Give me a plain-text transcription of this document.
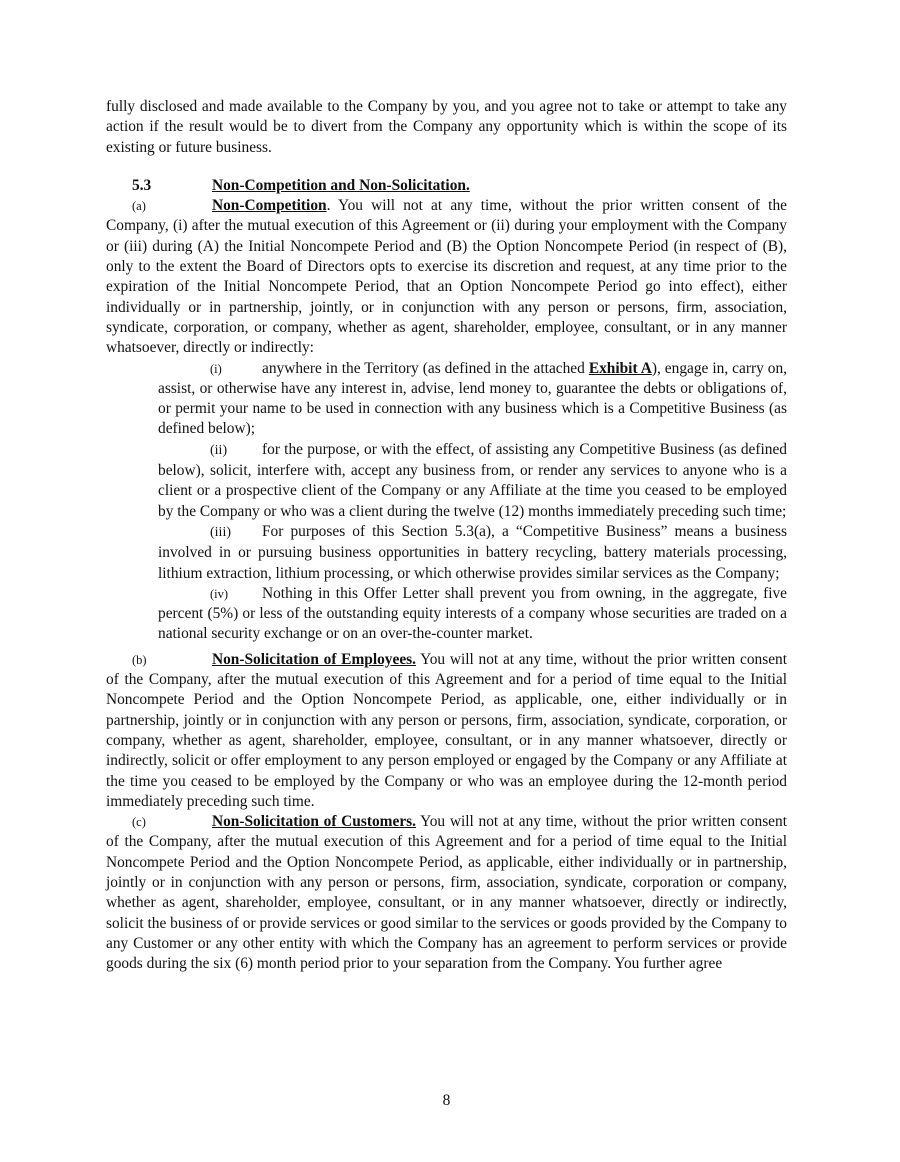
fully disclosed and made available to the Company by you, and you agree not to take or attempt to take any action if the result would be to divert from the Company any opportunity which is within the scope of its existing or future business.

5.3	Non-Competition and Non-Solicitation.

(a)	Non-Competition. You will not at any time, without the prior written consent of the Company, (i) after the mutual execution of this Agreement or (ii) during your employment with the Company or (iii) during (A) the Initial Noncompete Period and (B) the Option Noncompete Period (in respect of (B), only to the extent the Board of Directors opts to exercise its discretion and request, at any time prior to the expiration of the Initial Noncompete Period, that an Option Noncompete Period go into effect), either individually or in partnership, jointly, or in conjunction with any person or persons, firm, association, syndicate, corporation, or company, whether as agent, shareholder, employee, consultant, or in any manner whatsoever, directly or indirectly:

(i)	anywhere in the Territory (as defined in the attached Exhibit A), engage in, carry on, assist, or otherwise have any interest in, advise, lend money to, guarantee the debts or obligations of, or permit your name to be used in connection with any business which is a Competitive Business (as defined below);

(ii) for the purpose, or with the effect, of assisting any Competitive Business (as defined below), solicit, interfere with, accept any business from, or render any services to anyone who is a client or a prospective client of the Company or any Affiliate at the time you ceased to be employed by the Company or who was a client during the twelve (12) months immediately preceding such time;

(iii) For purposes of this Section 5.3(a), a “Competitive Business” means a business involved in or pursuing business opportunities in battery recycling, battery materials processing, lithium extraction, lithium processing, or which otherwise provides similar services as the Company;

(iv) Nothing in this Offer Letter shall prevent you from owning, in the aggregate, five percent (5%) or less of the outstanding equity interests of a company whose securities are traded on a national security exchange or on an over-the-counter market.

(b)	Non-Solicitation of Employees. You will not at any time, without the prior written consent of the Company, after the mutual execution of this Agreement and for a period of time equal to the Initial Noncompete Period and the Option Noncompete Period, as applicable, one, either individually or in partnership, jointly or in conjunction with any person or persons, firm, association, syndicate, corporation, or company, whether as agent, shareholder, employee, consultant, or in any manner whatsoever, directly or indirectly, solicit or offer employment to any person employed or engaged by the Company or any Affiliate at the time you ceased to be employed by the Company or who was an employee during the 12-month period immediately preceding such time.

(c)	Non-Solicitation of Customers. You will not at any time, without the prior written consent of the Company, after the mutual execution of this Agreement and for a period of time equal to the Initial Noncompete Period and the Option Noncompete Period, as applicable, either individually or in partnership, jointly or in conjunction with any person or persons, firm, association, syndicate, corporation or company, whether as agent, shareholder, employee, consultant, or in any manner whatsoever, directly or indirectly, solicit the business of or provide services or good similar to the services or goods provided by the Company to any Customer or any other entity with which the Company has an agreement to perform services or provide goods during the six (6) month period prior to your separation from the Company. You further agree

8
